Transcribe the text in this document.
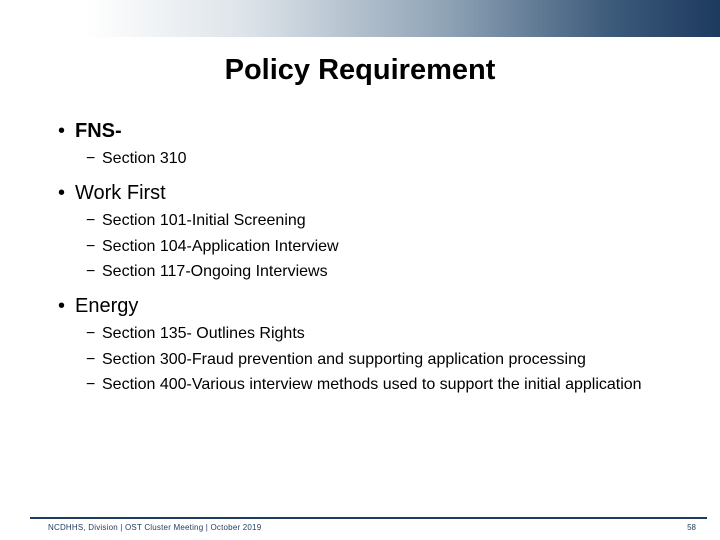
Policy Requirement
• FNS-
− Section 310
• Work First
− Section 101-Initial Screening
− Section 104-Application Interview
− Section 117-Ongoing Interviews
• Energy
− Section 135- Outlines Rights
− Section 300-Fraud prevention and supporting application processing
− Section 400-Various interview methods used to support the initial application
NCDHHS, Division | OST Cluster Meeting | October 2019	58
